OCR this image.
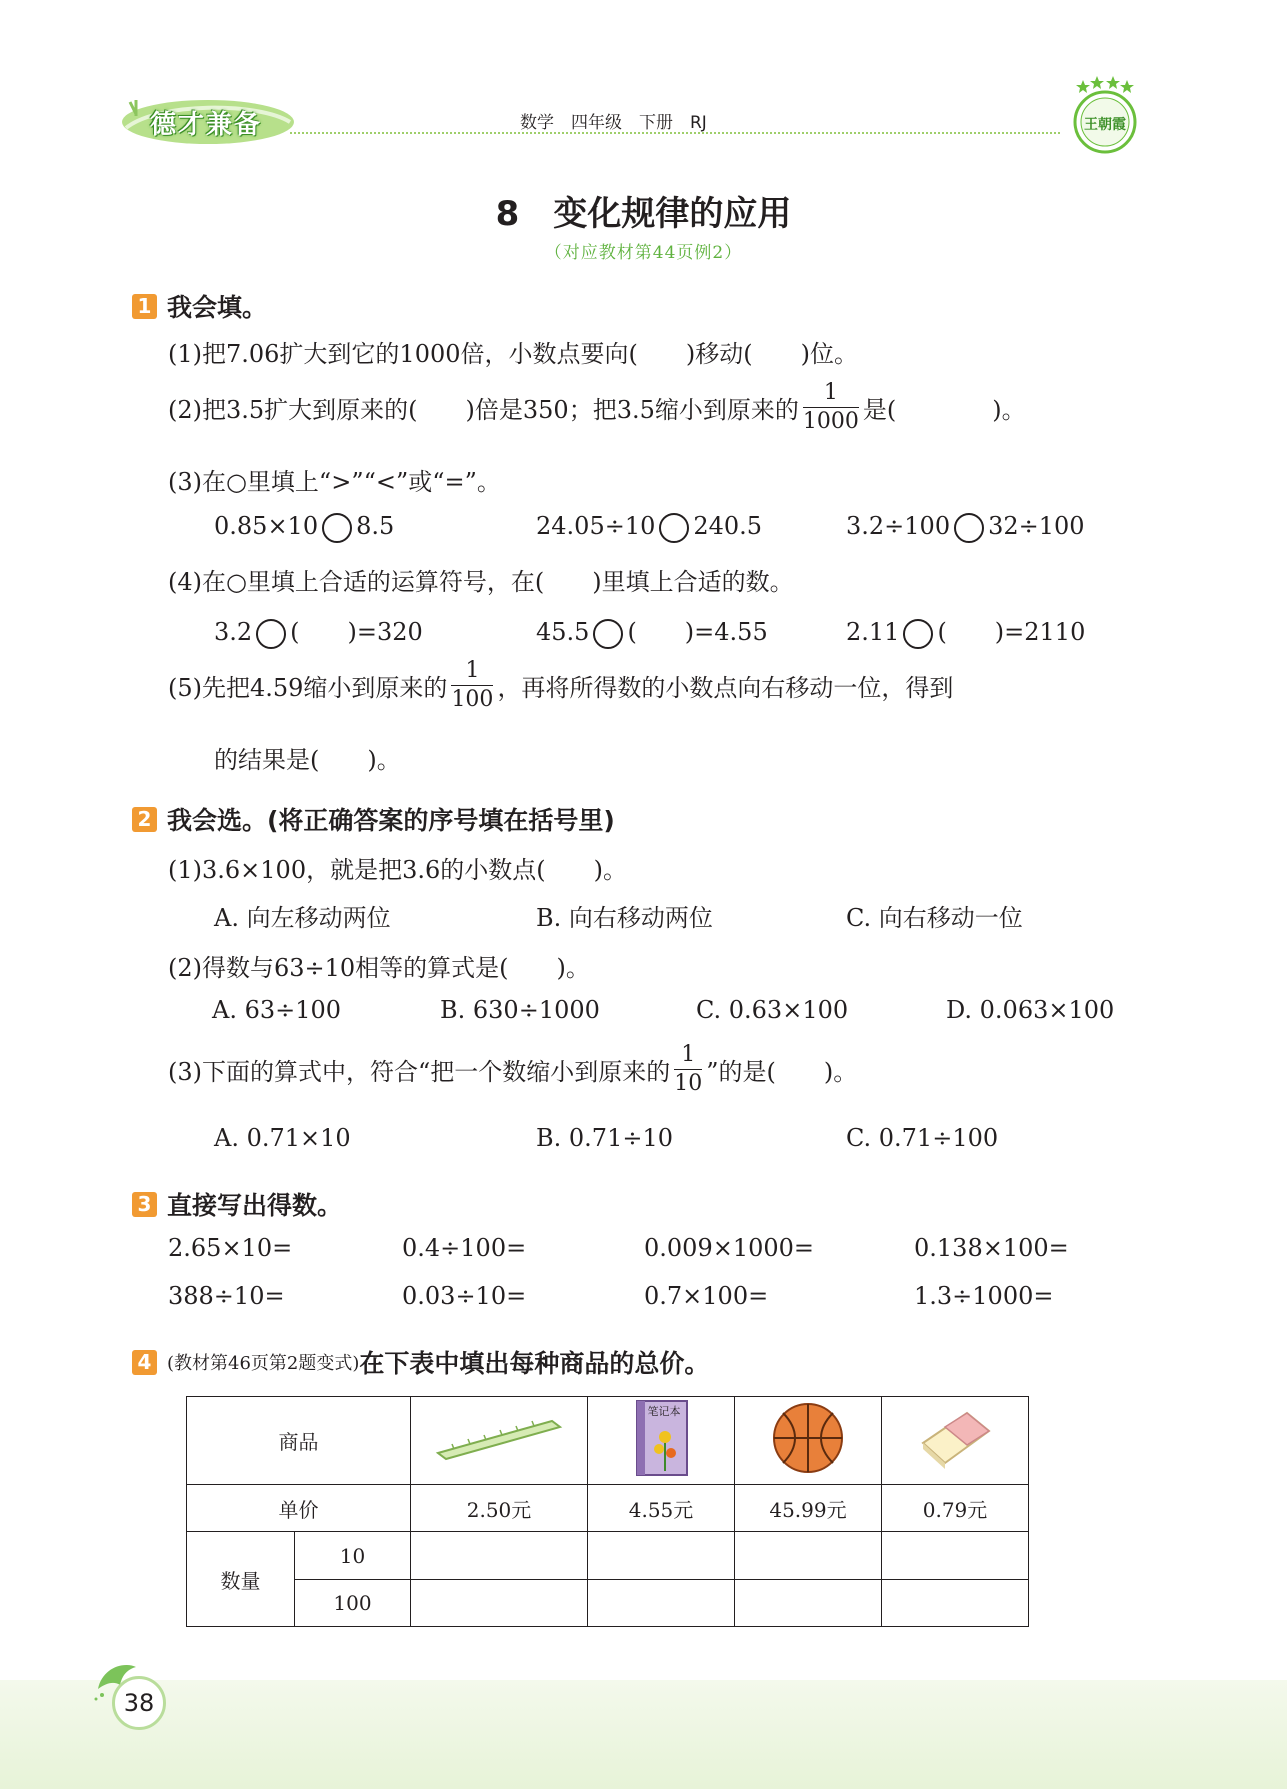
德才兼备	数学　四年级　下册　RJ	王朝霞
8 变化规律的应用
（对应教材第44页例2）
1 我会填。
(1)把7.06扩大到它的1000倍，小数点要向(　　)移动(　　)位。
(2)把3.5扩大到原来的(　　)倍是350；把3.5缩小到原来的 $\frac{1}{1000}$ 是(　　　　)。
(3)在○里填上“>”“<”或“=”。
0.85×10 8.5	24.05÷10 240.5	3.2÷100 32÷100
(4)在○里填上合适的运算符号，在(　　)里填上合适的数。
3.2 (　　)=320	45.5 (　　)=4.55	2.11 (　　)=2110
(5)先把4.59缩小到原来的 $\frac{1}{100}$ ，再将所得数的小数点向右移动一位，得到
的结果是(　　)。
2 我会选。(将正确答案的序号填在括号里)
(1)3.6×100，就是把3.6的小数点(　　)。
A. 向左移动两位	B. 向右移动两位	C. 向右移动一位
(2)得数与63÷10相等的算式是(　　)。
A. 63÷100	B. 630÷1000	C. 0.63×100	D. 0.063×100
(3)下面的算式中，符合“把一个数缩小到原来的 $\frac{1}{10}$ ”的是(　　)。
A. 0.71×10	B. 0.71÷10	C. 0.71÷100
3 直接写出得数。
2.65×10=	0.4÷100=	0.009×1000=	0.138×100=
388÷10=	0.03÷10=	0.7×100=	1.3÷1000=
4 (教材第46页第2题变式) 在下表中填出每种商品的总价。
商品			笔记本

单价		2.50元	4.55元	45.99元	0.79元
数量	10				
	100				
38
